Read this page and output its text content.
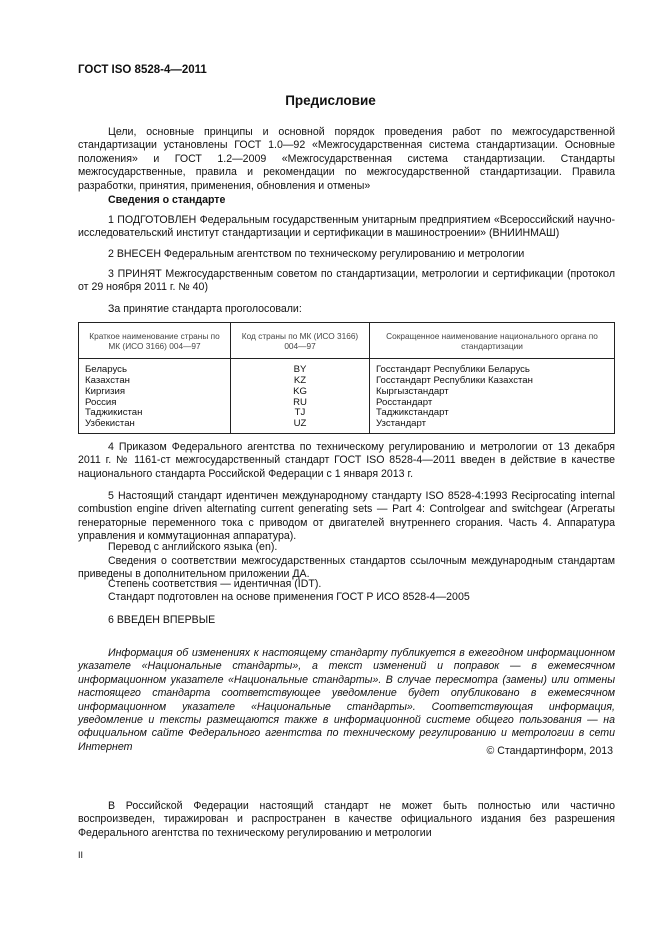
ГОСТ ISO 8528-4—2011
Предисловие
Цели, основные принципы и основной порядок проведения работ по межгосударственной стандартизации установлены ГОСТ 1.0—92 «Межгосударственная система стандартизации. Основные положения» и ГОСТ 1.2—2009 «Межгосударственная система стандартизации. Стандарты межгосударственные, правила и рекомендации по межгосударственной стандартизации. Правила разработки, принятия, применения, обновления и отмены»
Сведения о стандарте
1 ПОДГОТОВЛЕН Федеральным государственным унитарным предприятием «Всероссийский научно-исследовательский институт стандартизации и сертификации в машиностроении» (ВНИИНМАШ)
2 ВНЕСЕН Федеральным агентством по техническому регулированию и метрологии
3 ПРИНЯТ Межгосударственным советом по стандартизации, метрологии и сертификации (протокол от 29 ноября 2011 г. № 40)
За принятие стандарта проголосовали:
Краткое наименование страны по МК (ИСО 3166) 004—97	Код страны по МК (ИСО 3166) 004—97	Сокращенное наименование национального органа по стандартизации
Беларусь	BY	Госстандарт Республики Беларусь
Казахстан	KZ	Госстандарт Республики Казахстан
Киргизия	KG	Кыргызстандарт
Россия	RU	Росстандарт
Таджикистан	TJ	Таджикстандарт
Узбекистан	UZ	Узстандарт
4 Приказом Федерального агентства по техническому регулированию и метрологии от 13 декабря 2011 г. № 1161-ст межгосударственный стандарт ГОСТ ISO 8528-4—2011 введен в действие в качестве национального стандарта Российской Федерации с 1 января 2013 г.
5 Настоящий стандарт идентичен международному стандарту ISO 8528-4:1993 Reciprocating internal combustion engine driven alternating current generating sets — Part 4: Controlgear and switchgear (Агрегаты генераторные переменного тока с приводом от двигателей внутреннего сгорания. Часть 4. Аппаратура управления и коммутационная аппаратура).
Перевод с английского языка (en).
Сведения о соответствии межгосударственных стандартов ссылочным международным стандартам приведены в дополнительном приложении ДА.
Степень соответствия — идентичная (IDT).
Стандарт подготовлен на основе применения ГОСТ Р ИСО 8528-4—2005
6 ВВЕДЕН ВПЕРВЫЕ
Информация об изменениях к настоящему стандарту публикуется в ежегодном информационном указателе «Национальные стандарты», а текст изменений и поправок — в ежемесячном информационном указателе «Национальные стандарты». В случае пересмотра (замены) или отмены настоящего стандарта соответствующее уведомление будет опубликовано в ежемесячном информационном указателе «Национальные стандарты». Соответствующая информация, уведомление и тексты размещаются также в информационной системе общего пользования — на официальном сайте Федерального агентства по техническому регулированию и метрологии в сети Интернет	© Стандартинформ, 2013
В Российской Федерации настоящий стандарт не может быть полностью или частично воспроизведен, тиражирован и распространен в качестве официального издания без разрешения Федерального агентства по техническому регулированию и метрологии
II
